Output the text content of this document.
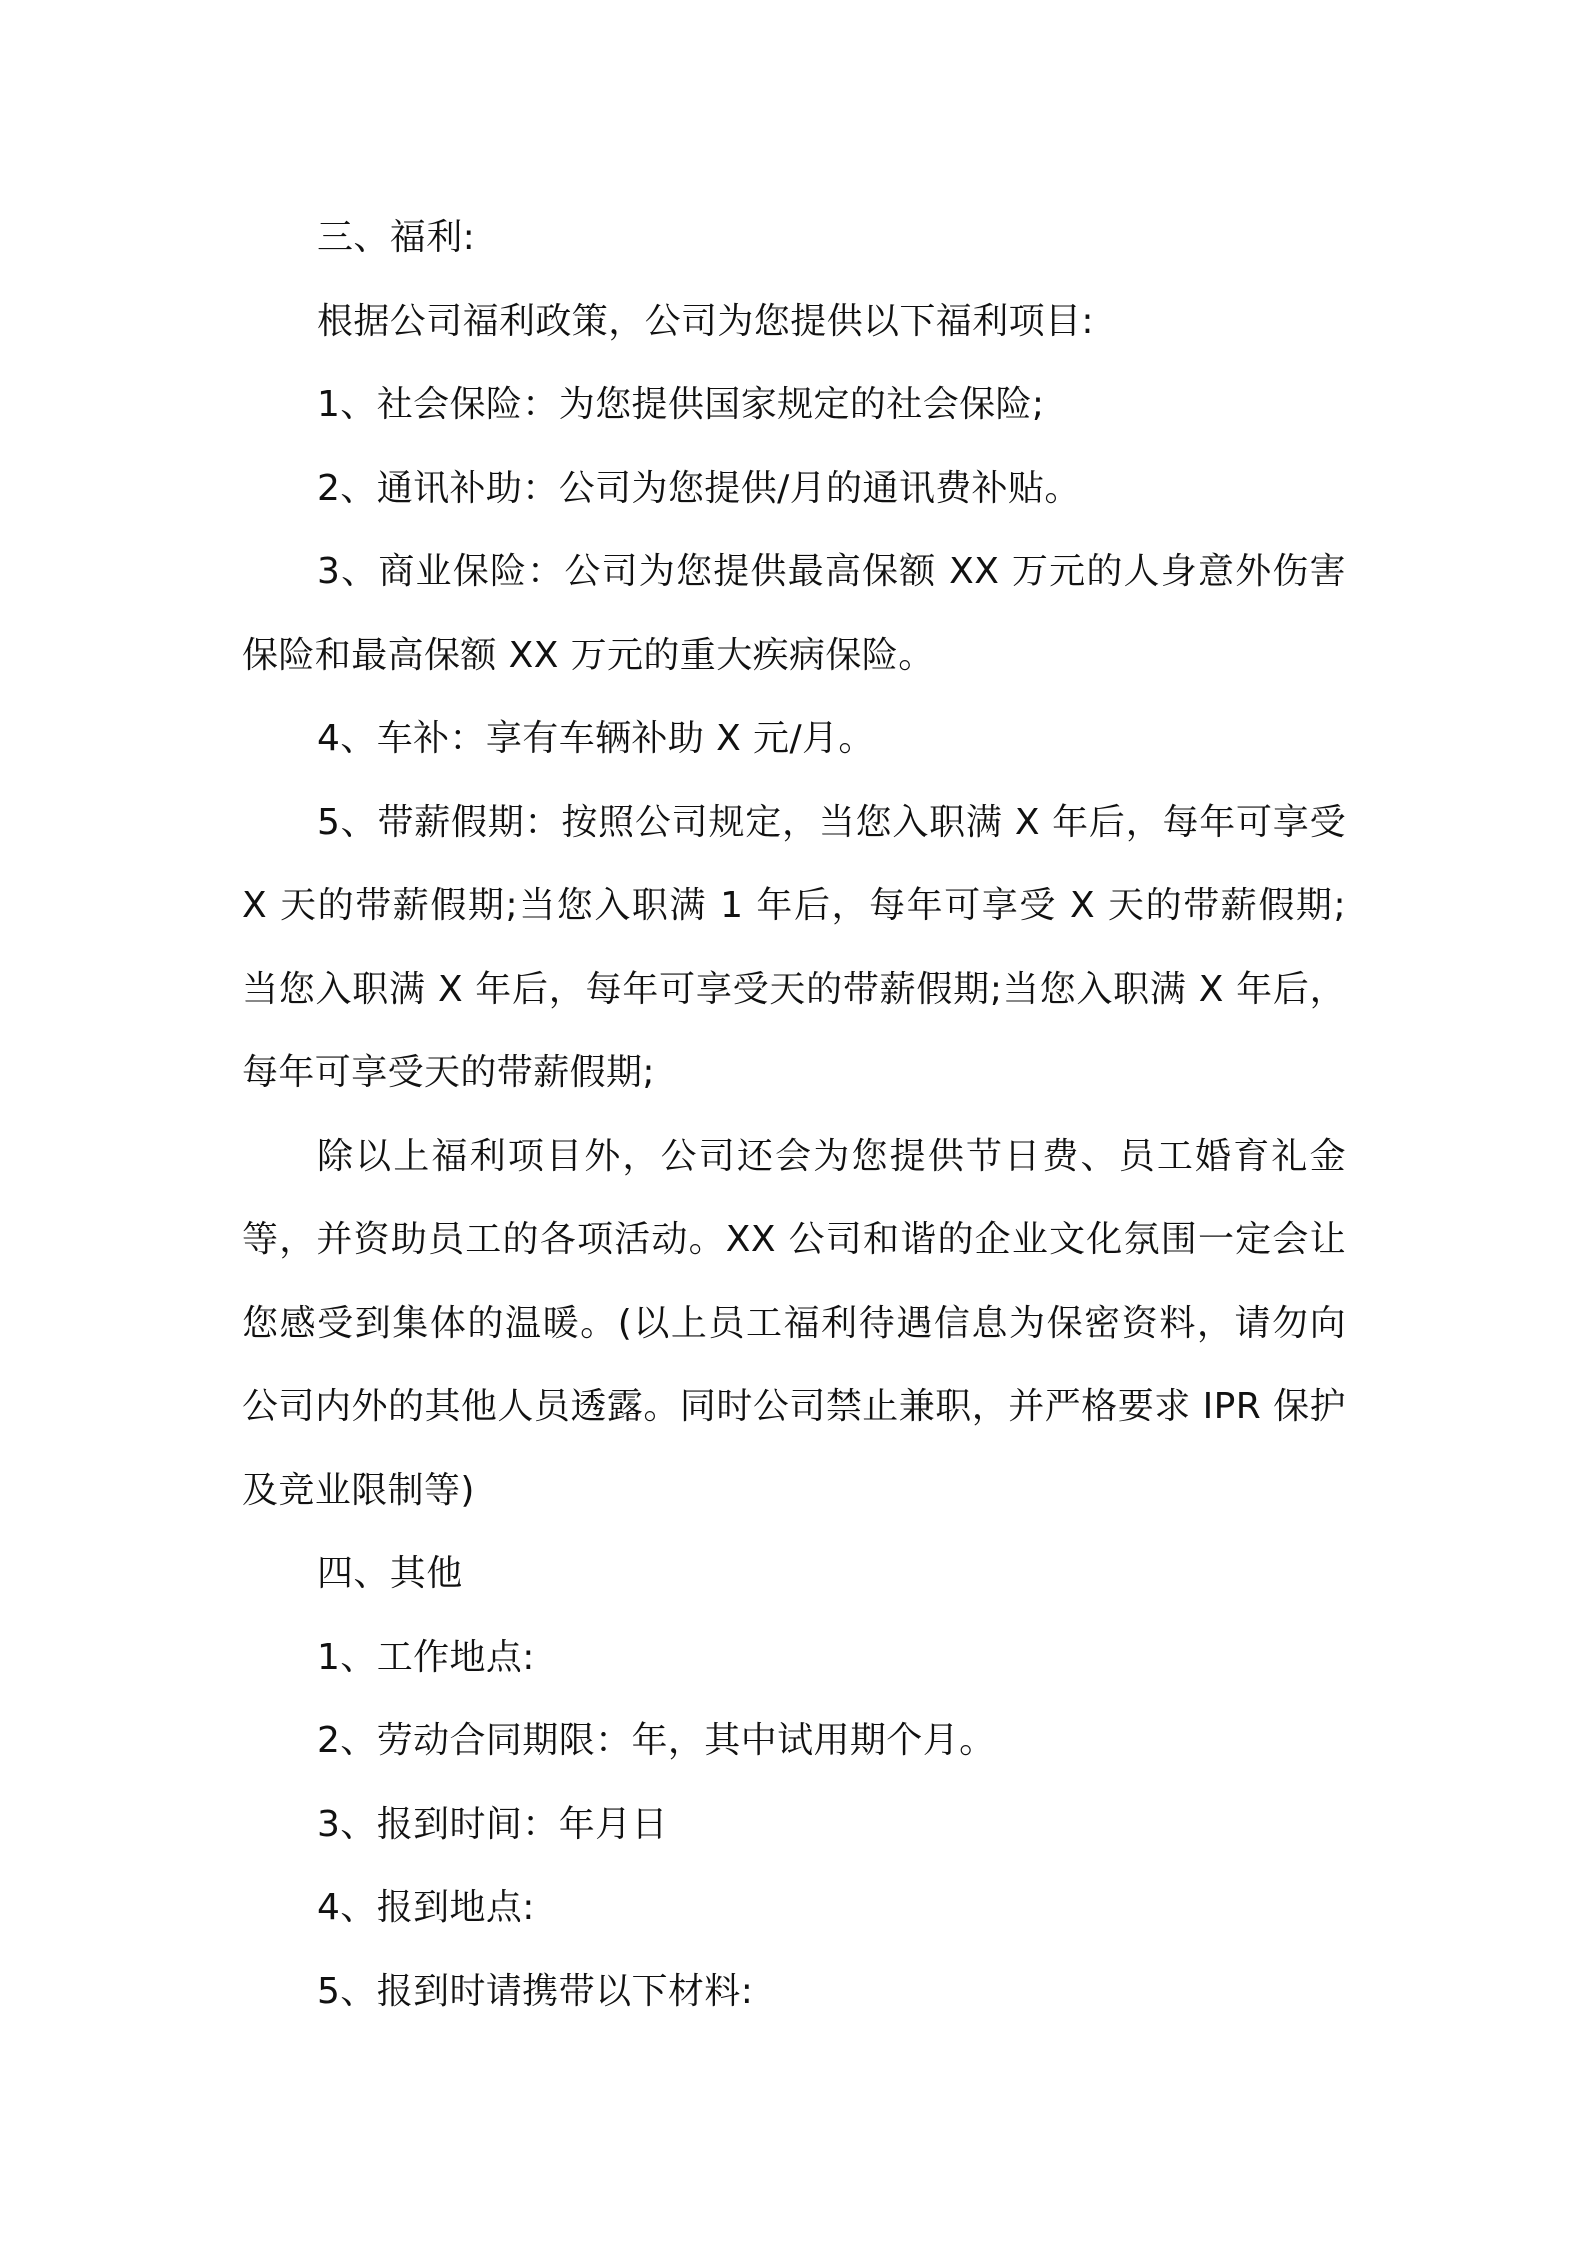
三、福利:

根据公司福利政策，公司为您提供以下福利项目:

1、社会保险：为您提供国家规定的社会保险;

2、通讯补助：公司为您提供/月的通讯费补贴。

3、商业保险：公司为您提供最高保额 XX 万元的人身意外伤害保险和最高保额 XX 万元的重大疾病保险。

4、车补：享有车辆补助 X 元/月。

5、带薪假期：按照公司规定，当您入职满 X 年后，每年可享受 X 天的带薪假期;当您入职满 1 年后，每年可享受 X 天的带薪假期;当您入职满 X 年后，每年可享受天的带薪假期;当您入职满 X 年后，每年可享受天的带薪假期;

除以上福利项目外，公司还会为您提供节日费、员工婚育礼金等，并资助员工的各项活动。XX 公司和谐的企业文化氛围一定会让您感受到集体的温暖。(以上员工福利待遇信息为保密资料，请勿向公司内外的其他人员透露。同时公司禁止兼职，并严格要求 IPR 保护及竞业限制等)

四、其他

1、工作地点:

2、劳动合同期限：年，其中试用期个月。

3、报到时间：年月日

4、报到地点:

5、报到时请携带以下材料:
